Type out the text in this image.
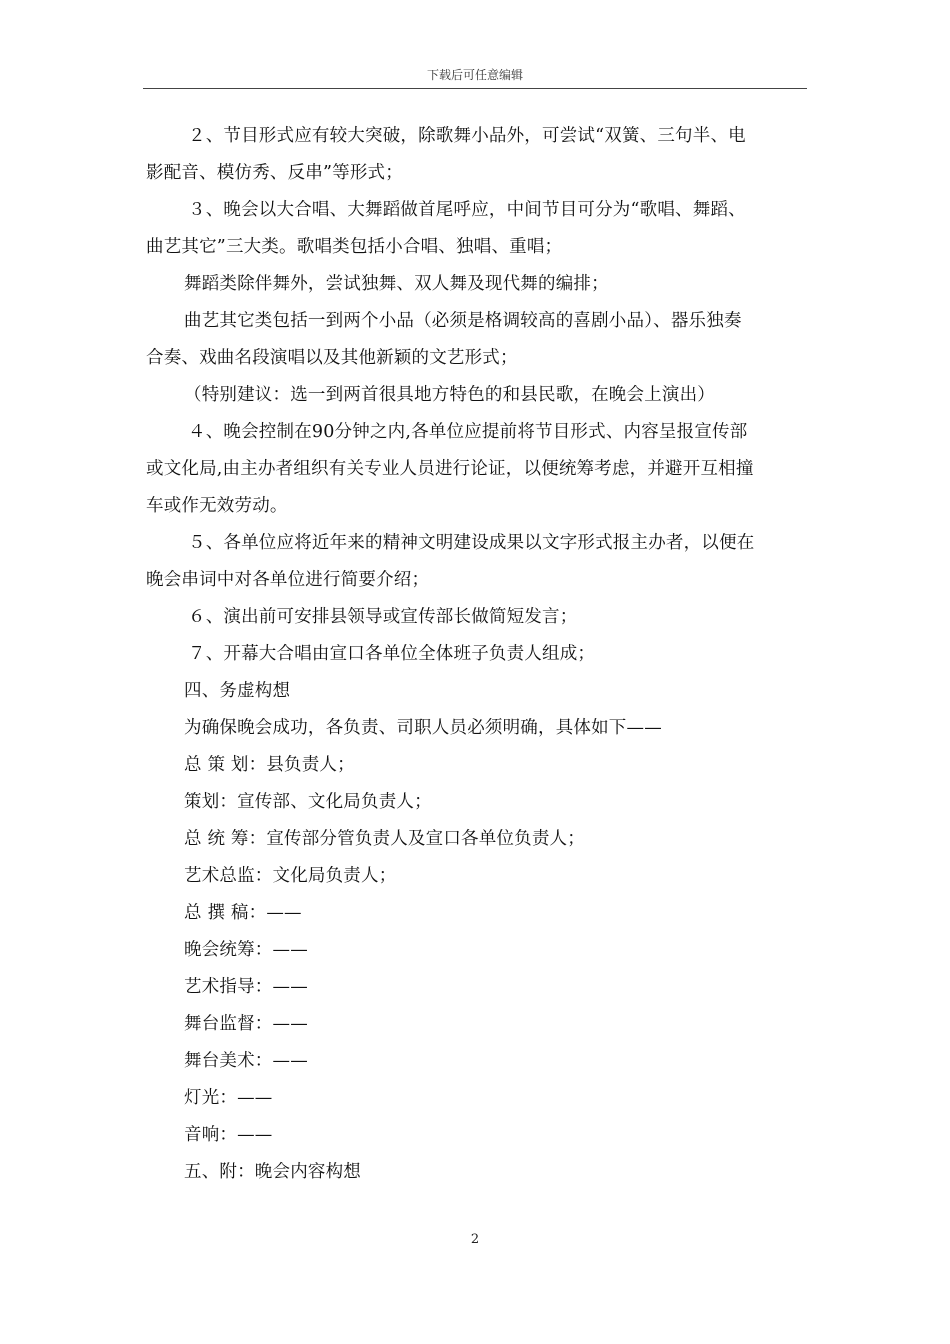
下载后可任意编辑

２、节目形式应有较大突破，除歌舞小品外，可尝试“双簧、三句半、电

影配音、模仿秀、反串”等形式；

３、晚会以大合唱、大舞蹈做首尾呼应，中间节目可分为“歌唱、舞蹈、

曲艺其它”三大类。歌唱类包括小合唱、独唱、重唱；

舞蹈类除伴舞外，尝试独舞、双人舞及现代舞的编排；

曲艺其它类包括一到两个小品（必须是格调较高的喜剧小品）、器乐独奏

合奏、戏曲名段演唱以及其他新颖的文艺形式；

（特别建议：选一到两首很具地方特色的和县民歌，在晚会上演出）

４、晚会控制在90分钟之内,各单位应提前将节目形式、内容呈报宣传部

或文化局,由主办者组织有关专业人员进行论证，以便统筹考虑，并避开互相撞

车或作无效劳动。

５、各单位应将近年来的精神文明建设成果以文字形式报主办者，以便在

晚会串词中对各单位进行简要介绍；

６、演出前可安排县领导或宣传部长做简短发言；

７、开幕大合唱由宣口各单位全体班子负责人组成；

四、务虚构想

为确保晚会成功，各负责、司职人员必须明确，具体如下——

总 策 划：县负责人；

策划：宣传部、文化局负责人；

总 统 筹：宣传部分管负责人及宣口各单位负责人；

艺术总监：文化局负责人；

总 撰 稿：——

晚会统筹：——

艺术指导：——

舞台监督：——

舞台美术：——

灯光：——

音响：——

五、附：晚会内容构想

2
